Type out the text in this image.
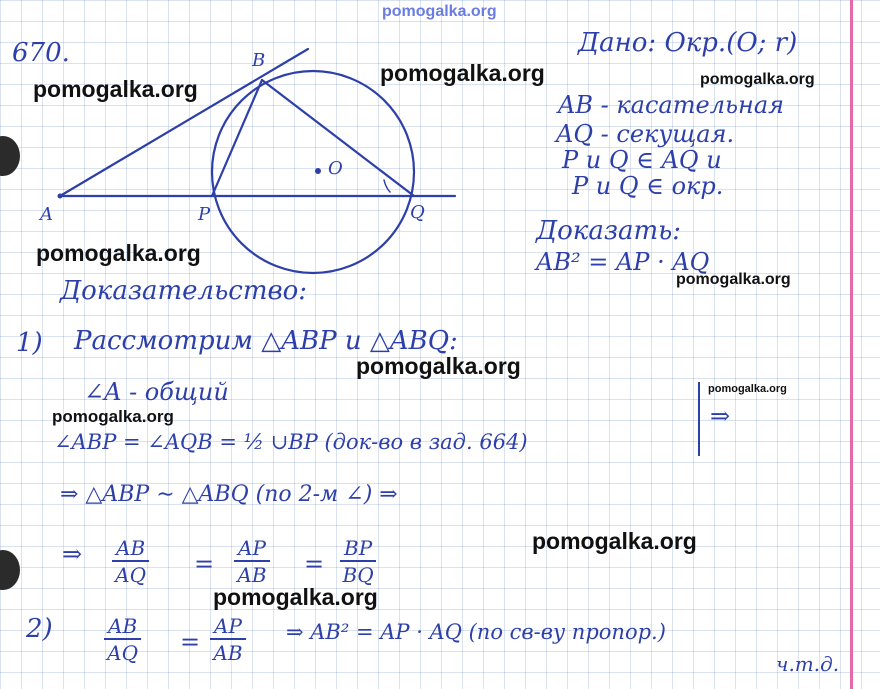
pomogalka.org
B
A	P	Q
O
670.	Дано: Окр.(O; r)
AB - касательная
AQ - секущая.
P и Q ∈ AQ и
P и Q ∈ окр.
Доказать:
AB² = AP · AQ
Доказательство:
1) Рассмотрим △ABP и △ABQ:
∠A - общий
∠ABP = ∠AQB = ½ ∪BP (док-во в зад. 664)
⇒
⇒ △ABP ∼ △ABQ (по 2-м ∠) ⇒
⇒ $\frac{AB}{AQ} = \frac{AP}{AB} = \frac{BP}{BQ}$
2)	$\frac{AB}{AQ} = \frac{AP}{AB}$ ⇒ AB² = AP · AQ (по св-ву пропор.)
ч.т.д.
pomogalka.org
pomogalka.org	pomogalka.org
pomogalka.org
pomogalka.org
pomogalka.org
pomogalka.org
pomogalka.org
pomogalka.org
pomogalka.org
